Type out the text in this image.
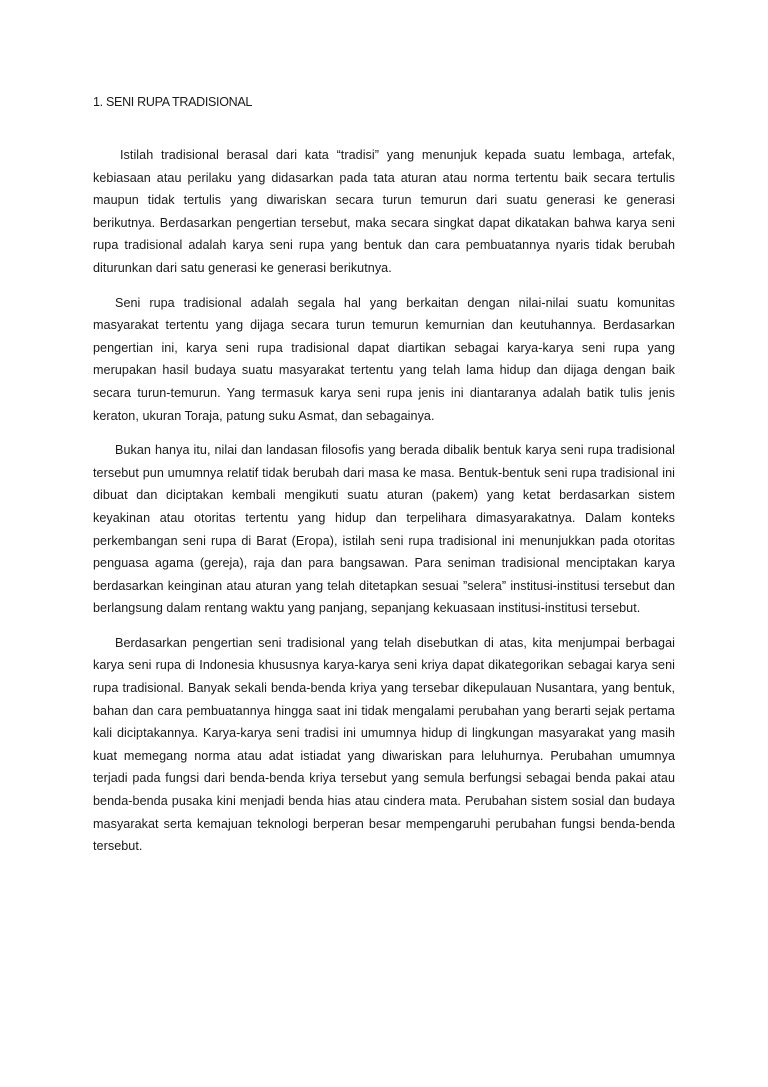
1. SENI RUPA TRADISIONAL

Istilah tradisional berasal dari kata “tradisi” yang menunjuk kepada suatu lembaga, artefak, kebiasaan atau perilaku yang didasarkan pada tata aturan atau norma tertentu baik secara tertulis maupun tidak tertulis yang diwariskan secara turun temurun dari suatu generasi ke generasi berikutnya. Berdasarkan pengertian tersebut, maka secara singkat dapat dikatakan bahwa karya seni rupa tradisional adalah karya seni rupa yang bentuk dan cara pembuatannya nyaris tidak berubah diturunkan dari satu generasi ke generasi berikutnya.

Seni rupa tradisional adalah segala hal yang berkaitan dengan nilai-nilai suatu komunitas masyarakat tertentu yang dijaga secara turun temurun kemurnian dan keutuhannya. Berdasarkan pengertian ini, karya seni rupa tradisional dapat diartikan sebagai karya-karya seni rupa yang merupakan hasil budaya suatu masyarakat tertentu yang telah lama hidup dan dijaga dengan baik secara turun-temurun. Yang termasuk karya seni rupa jenis ini diantaranya adalah batik tulis jenis keraton, ukuran Toraja, patung suku Asmat, dan sebagainya.

Bukan hanya itu, nilai dan landasan filosofis yang berada dibalik bentuk karya seni rupa tradisional tersebut pun umumnya relatif tidak berubah dari masa ke masa. Bentuk-bentuk seni rupa tradisional ini dibuat dan diciptakan kembali mengikuti suatu aturan (pakem) yang ketat berdasarkan sistem keyakinan atau otoritas tertentu yang hidup dan terpelihara dimasyarakatnya. Dalam konteks perkembangan seni rupa di Barat (Eropa), istilah seni rupa tradisional ini menunjukkan pada otoritas penguasa agama (gereja), raja dan para bangsawan. Para seniman tradisional menciptakan karya berdasarkan keinginan atau aturan yang telah ditetapkan sesuai ”selera” institusi-institusi tersebut dan berlangsung dalam rentang waktu yang panjang, sepanjang kekuasaan institusi-institusi tersebut.

Berdasarkan pengertian seni tradisional yang telah disebutkan di atas, kita menjumpai berbagai karya seni rupa di Indonesia khususnya karya-karya seni kriya dapat dikategorikan sebagai karya seni rupa tradisional. Banyak sekali benda-benda kriya yang tersebar dikepulauan Nusantara, yang bentuk, bahan dan cara pembuatannya hingga saat ini tidak mengalami perubahan yang berarti sejak pertama kali diciptakannya. Karya-karya seni tradisi ini umumnya hidup di lingkungan masyarakat yang masih kuat memegang norma atau adat istiadat yang diwariskan para leluhurnya. Perubahan umumnya terjadi pada fungsi dari benda-benda kriya tersebut yang semula berfungsi sebagai benda pakai atau benda-benda pusaka kini menjadi benda hias atau cindera mata. Perubahan sistem sosial dan budaya masyarakat serta kemajuan teknologi berperan besar mempengaruhi perubahan fungsi benda-benda tersebut.
